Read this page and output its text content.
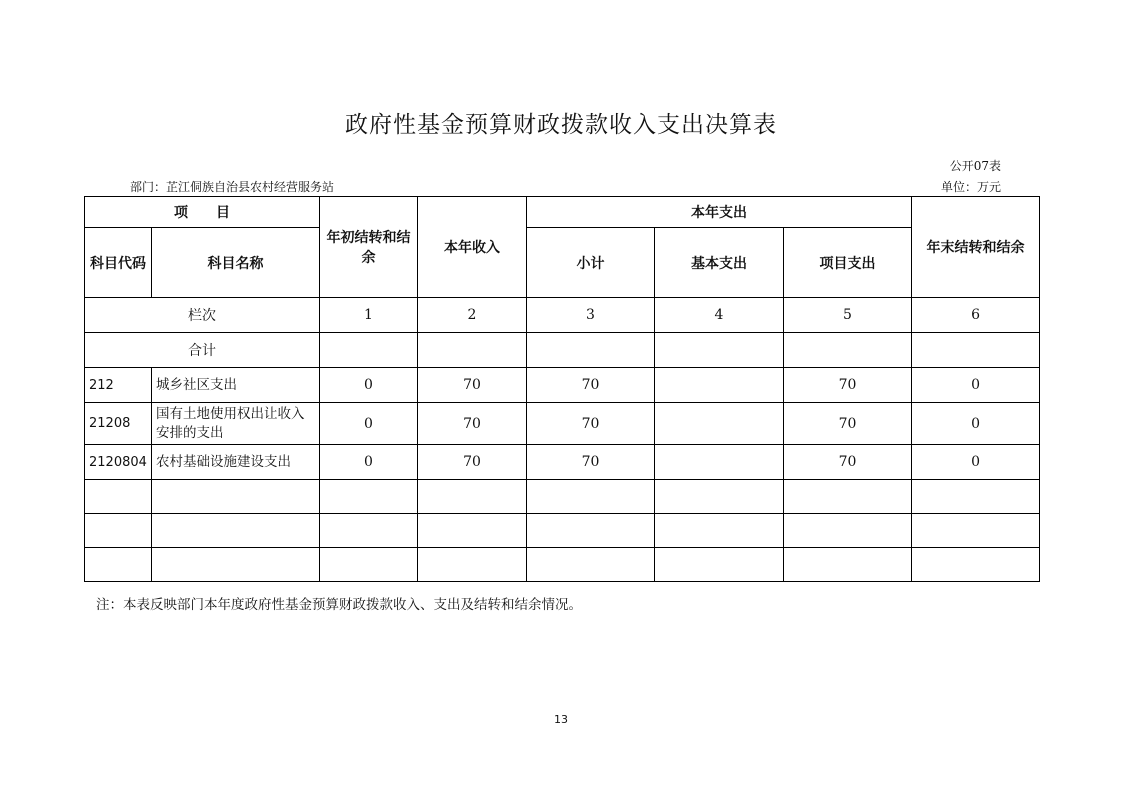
政府性基金预算财政拨款收入支出决算表
公开07表
部门：芷江侗族自治县农村经营服务站	单位：万元
项　　目		年初结转和结余	本年收入	本年支出			年末结转和结余
科目代码	科目名称			小计	基本支出	项目支出	
栏次		1	2	3	4	5	6
合计							
212	城乡社区支出	0	70	70		70	0
21208	国有土地使用权出让收入安排的支出	0	70	70		70	0
2120804	农村基础设施建设支出	0	70	70		70	0

注：本表反映部门本年度政府性基金预算财政拨款收入、支出及结转和结余情况。
13
